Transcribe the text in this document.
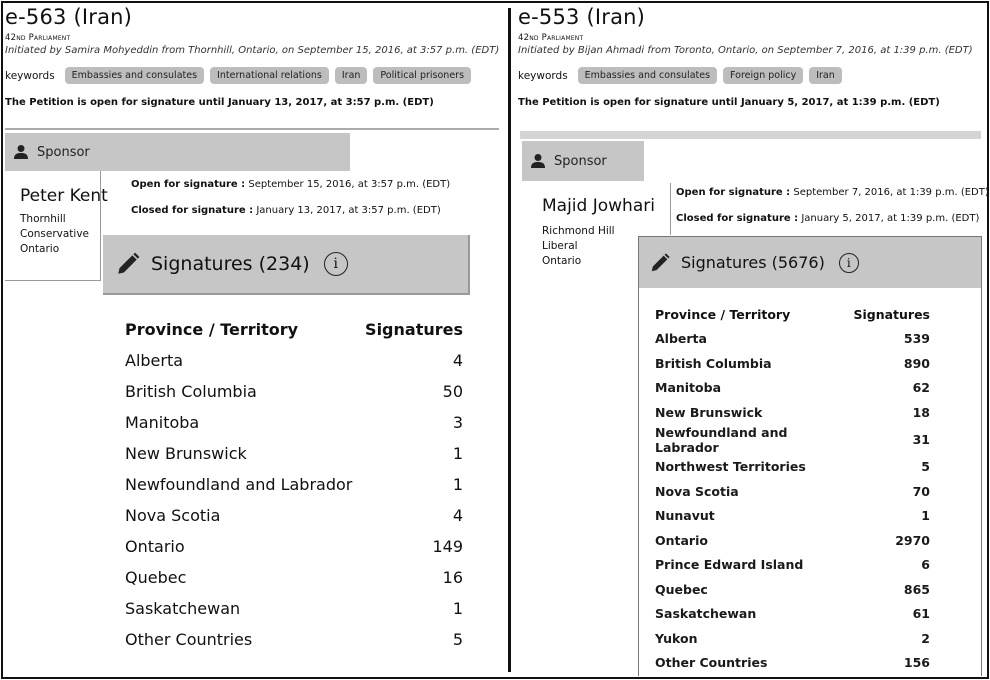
e-563 (Iran)
42nd Parliament
Initiated by Samira Mohyeddin from Thornhill, Ontario, on September 15, 2016, at 3:57 p.m. (EDT)
keywords	Embassies and consulates	International relations	Iran	Political prisoners
The Petition is open for signature until January 13, 2017, at 3:57 p.m. (EDT)
Sponsor
Peter Kent
Thornhill
Conservative
Ontario
Open for signature : September 15, 2016, at 3:57 p.m. (EDT)
Closed for signature : January 13, 2017, at 3:57 p.m. (EDT)
Signatures (234)	i
Province / Territory	Signatures
Alberta	4
British Columbia	50
Manitoba	3
New Brunswick	1
Newfoundland and Labrador	1
Nova Scotia	4
Ontario	149
Quebec	16
Saskatchewan	1
Other Countries	5
e-553 (Iran)
42nd Parliament
Initiated by Bijan Ahmadi from Toronto, Ontario, on September 7, 2016, at 1:39 p.m. (EDT)
keywords	Embassies and consulates	Foreign policy	Iran
The Petition is open for signature until January 5, 2017, at 1:39 p.m. (EDT)
Sponsor
Majid Jowhari
Richmond Hill
Liberal
Ontario
Open for signature : September 7, 2016, at 1:39 p.m. (EDT)
Closed for signature : January 5, 2017, at 1:39 p.m. (EDT)
Signatures (5676)	i
Province / Territory	Signatures
Alberta	539
British Columbia	890
Manitoba	62
New Brunswick	18
Newfoundland and Labrador	31
Northwest Territories	5
Nova Scotia	70
Nunavut	1
Ontario	2970
Prince Edward Island	6
Quebec	865
Saskatchewan	61
Yukon	2
Other Countries	156
